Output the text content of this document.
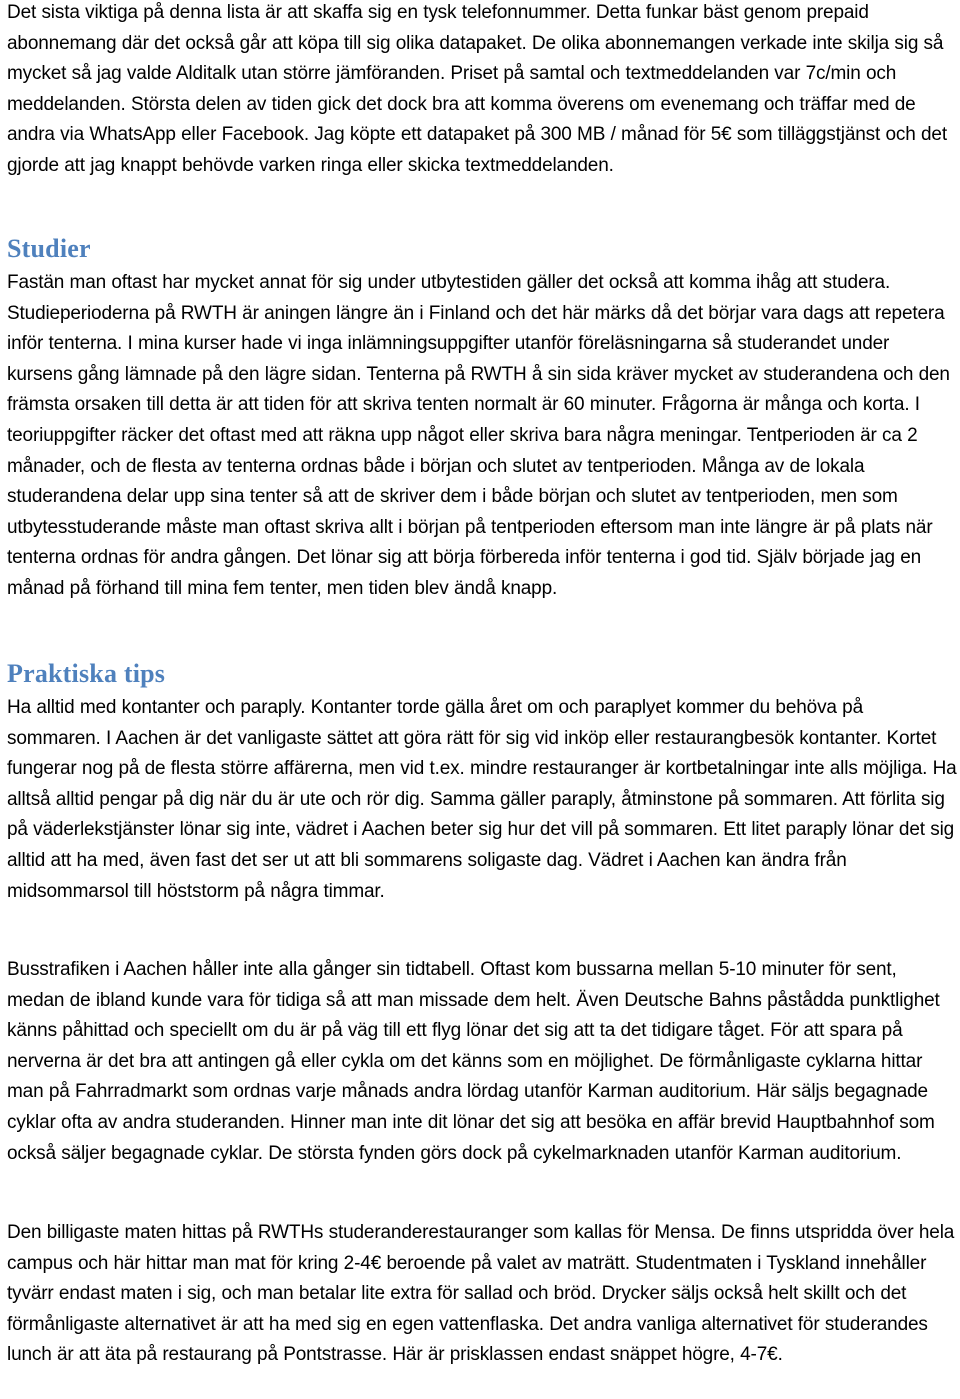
Det sista viktiga på denna lista är att skaffa sig en tysk telefonnummer. Detta funkar bäst genom prepaid abonnemang där det också går att köpa till sig olika datapaket. De olika abonnemangen verkade inte skilja sig så mycket så jag valde Alditalk utan större jämföranden. Priset på samtal och textmeddelanden var 7c/min och meddelanden. Största delen av tiden gick det dock bra att komma överens om evenemang och träffar med de andra via WhatsApp eller Facebook. Jag köpte ett datapaket på 300 MB / månad för 5€ som tilläggstjänst och det gjorde att jag knappt behövde varken ringa eller skicka textmeddelanden.

Studier

Fastän man oftast har mycket annat för sig under utbytestiden gäller det också att komma ihåg att studera. Studieperioderna på RWTH är aningen längre än i Finland och det här märks då det börjar vara dags att repetera inför tenterna. I mina kurser hade vi inga inlämningsuppgifter utanför föreläsningarna så studerandet under kursens gång lämnade på den lägre sidan. Tenterna på RWTH å sin sida kräver mycket av studerandena och den främsta orsaken till detta är att tiden för att skriva tenten normalt är 60 minuter. Frågorna är många och korta. I teoriuppgifter räcker det oftast med att räkna upp något eller skriva bara några meningar. Tentperioden är ca 2 månader, och de flesta av tenterna ordnas både i början och slutet av tentperioden. Många av de lokala studerandena delar upp sina tenter så att de skriver dem i både början och slutet av tentperioden, men som utbytesstuderande måste man oftast skriva allt i början på tentperioden eftersom man inte längre är på plats när tenterna ordnas för andra gången. Det lönar sig att börja förbereda inför tenterna i god tid. Själv började jag en månad på förhand till mina fem tenter, men tiden blev ändå knapp.

Praktiska tips

Ha alltid med kontanter och paraply. Kontanter torde gälla året om och paraplyet kommer du behöva på sommaren. I Aachen är det vanligaste sättet att göra rätt för sig vid inköp eller restaurangbesök kontanter. Kortet fungerar nog på de flesta större affärerna, men vid t.ex. mindre restauranger är kortbetalningar inte alls möjliga. Ha alltså alltid pengar på dig när du är ute och rör dig. Samma gäller paraply, åtminstone på sommaren. Att förlita sig på väderlekstjänster lönar sig inte, vädret i Aachen beter sig hur det vill på sommaren. Ett litet paraply lönar det sig alltid att ha med, även fast det ser ut att bli sommarens soligaste dag. Vädret i Aachen kan ändra från midsommarsol till höststorm på några timmar.

Busstrafiken i Aachen håller inte alla gånger sin tidtabell. Oftast kom bussarna mellan 5-10 minuter för sent, medan de ibland kunde vara för tidiga så att man missade dem helt. Även Deutsche Bahns påstådda punktlighet känns påhittad och speciellt om du är på väg till ett flyg lönar det sig att ta det tidigare tåget. För att spara på nerverna är det bra att antingen gå eller cykla om det känns som en möjlighet. De förmånligaste cyklarna hittar man på Fahrradmarkt som ordnas varje månads andra lördag utanför Karman auditorium. Här säljs begagnade cyklar ofta av andra studeranden. Hinner man inte dit lönar det sig att besöka en affär brevid Hauptbahnhof som också säljer begagnade cyklar. De största fynden görs dock på cykelmarknaden utanför Karman auditorium.

Den billigaste maten hittas på RWTHs studeranderestauranger som kallas för Mensa. De finns utspridda över hela campus och här hittar man mat för kring 2-4€ beroende på valet av maträtt. Studentmaten i Tyskland innehåller tyvärr endast maten i sig, och man betalar lite extra för sallad och bröd. Drycker säljs också helt skillt och det förmånligaste alternativet är att ha med sig en egen vattenflaska. Det andra vanliga alternativet för studerandes lunch är att äta på restaurang på Pontstrasse. Här är prisklassen endast snäppet högre, 4-7€.
